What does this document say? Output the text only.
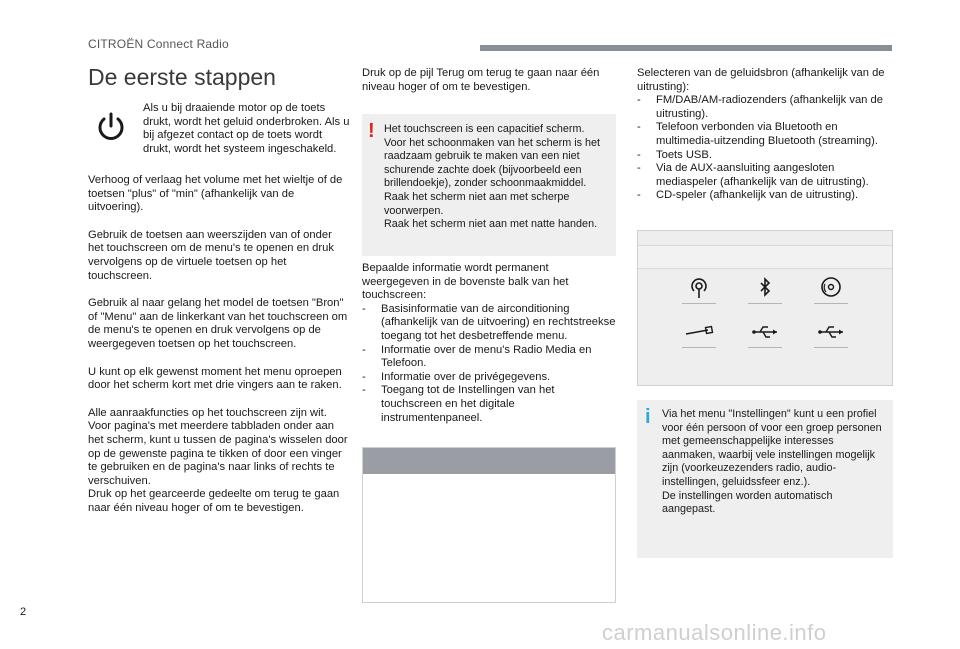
CITROËN Connect Radio
De eerste stappen
Als u bij draaiende motor op de toets drukt, wordt het geluid onderbroken. Als u bij afgezet contact op de toets wordt drukt, wordt het systeem ingeschakeld.

Verhoog of verlaag het volume met het wieltje of de toetsen "plus" of "min" (afhankelijk van de uitvoering).

Gebruik de toetsen aan weerszijden van of onder het touchscreen om de menu's te openen en druk vervolgens op de virtuele toetsen op het touchscreen.

Gebruik al naar gelang het model de toetsen "Bron" of "Menu" aan de linkerkant van het touchscreen om de menu's te openen en druk vervolgens op de weergegeven toetsen op het touchscreen.

U kunt op elk gewenst moment het menu oproepen door het scherm kort met drie vingers aan te raken.

Alle aanraakfuncties op het touchscreen zijn wit.

Voor pagina's met meerdere tabbladen onder aan het scherm, kunt u tussen de pagina's wisselen door op de gewenste pagina te tikken of door een vinger te gebruiken en de pagina's naar links of rechts te verschuiven.

Druk op het gearceerde gedeelte om terug te gaan naar één niveau hoger of om te bevestigen.

Druk op de pijl Terug om terug te gaan naar één niveau hoger of om te bevestigen.
! Het touchscreen is een capacitief scherm.
Voor het schoonmaken van het scherm is het raadzaam gebruik te maken van een niet schurende zachte doek (bijvoorbeeld een brillendoekje), zonder schoonmaakmiddel.
Raak het scherm niet aan met scherpe voorwerpen.
Raak het scherm niet aan met natte handen.
Bepaalde informatie wordt permanent weergegeven in de bovenste balk van het touchscreen:
- Basisinformatie van de airconditioning (afhankelijk van de uitvoering) en rechtstreekse toegang tot het desbetreffende menu.
- Informatie over de menu's Radio Media en Telefoon.
- Informatie over de privégegevens.
- Toegang tot de Instellingen van het touchscreen en het digitale instrumentenpaneel.
Selecteren van de geluidsbron (afhankelijk van de uitrusting):
- FM/DAB/AM-radiozenders (afhankelijk van de uitrusting).
- Telefoon verbonden via Bluetooth en multimedia-uitzending Bluetooth (streaming).
- Toets USB.
- Via de AUX-aansluiting aangesloten mediaspeler (afhankelijk van de uitrusting).
- CD-speler (afhankelijk van de uitrusting).
i Via het menu "Instellingen" kunt u een profiel voor één persoon of voor een groep personen met gemeenschappelijke interesses aanmaken, waarbij vele instellingen mogelijk zijn (voorkeuzezenders radio, audio-instellingen, geluidssfeer enz.).
De instellingen worden automatisch aangepast.
2
carmanualsonline.info
